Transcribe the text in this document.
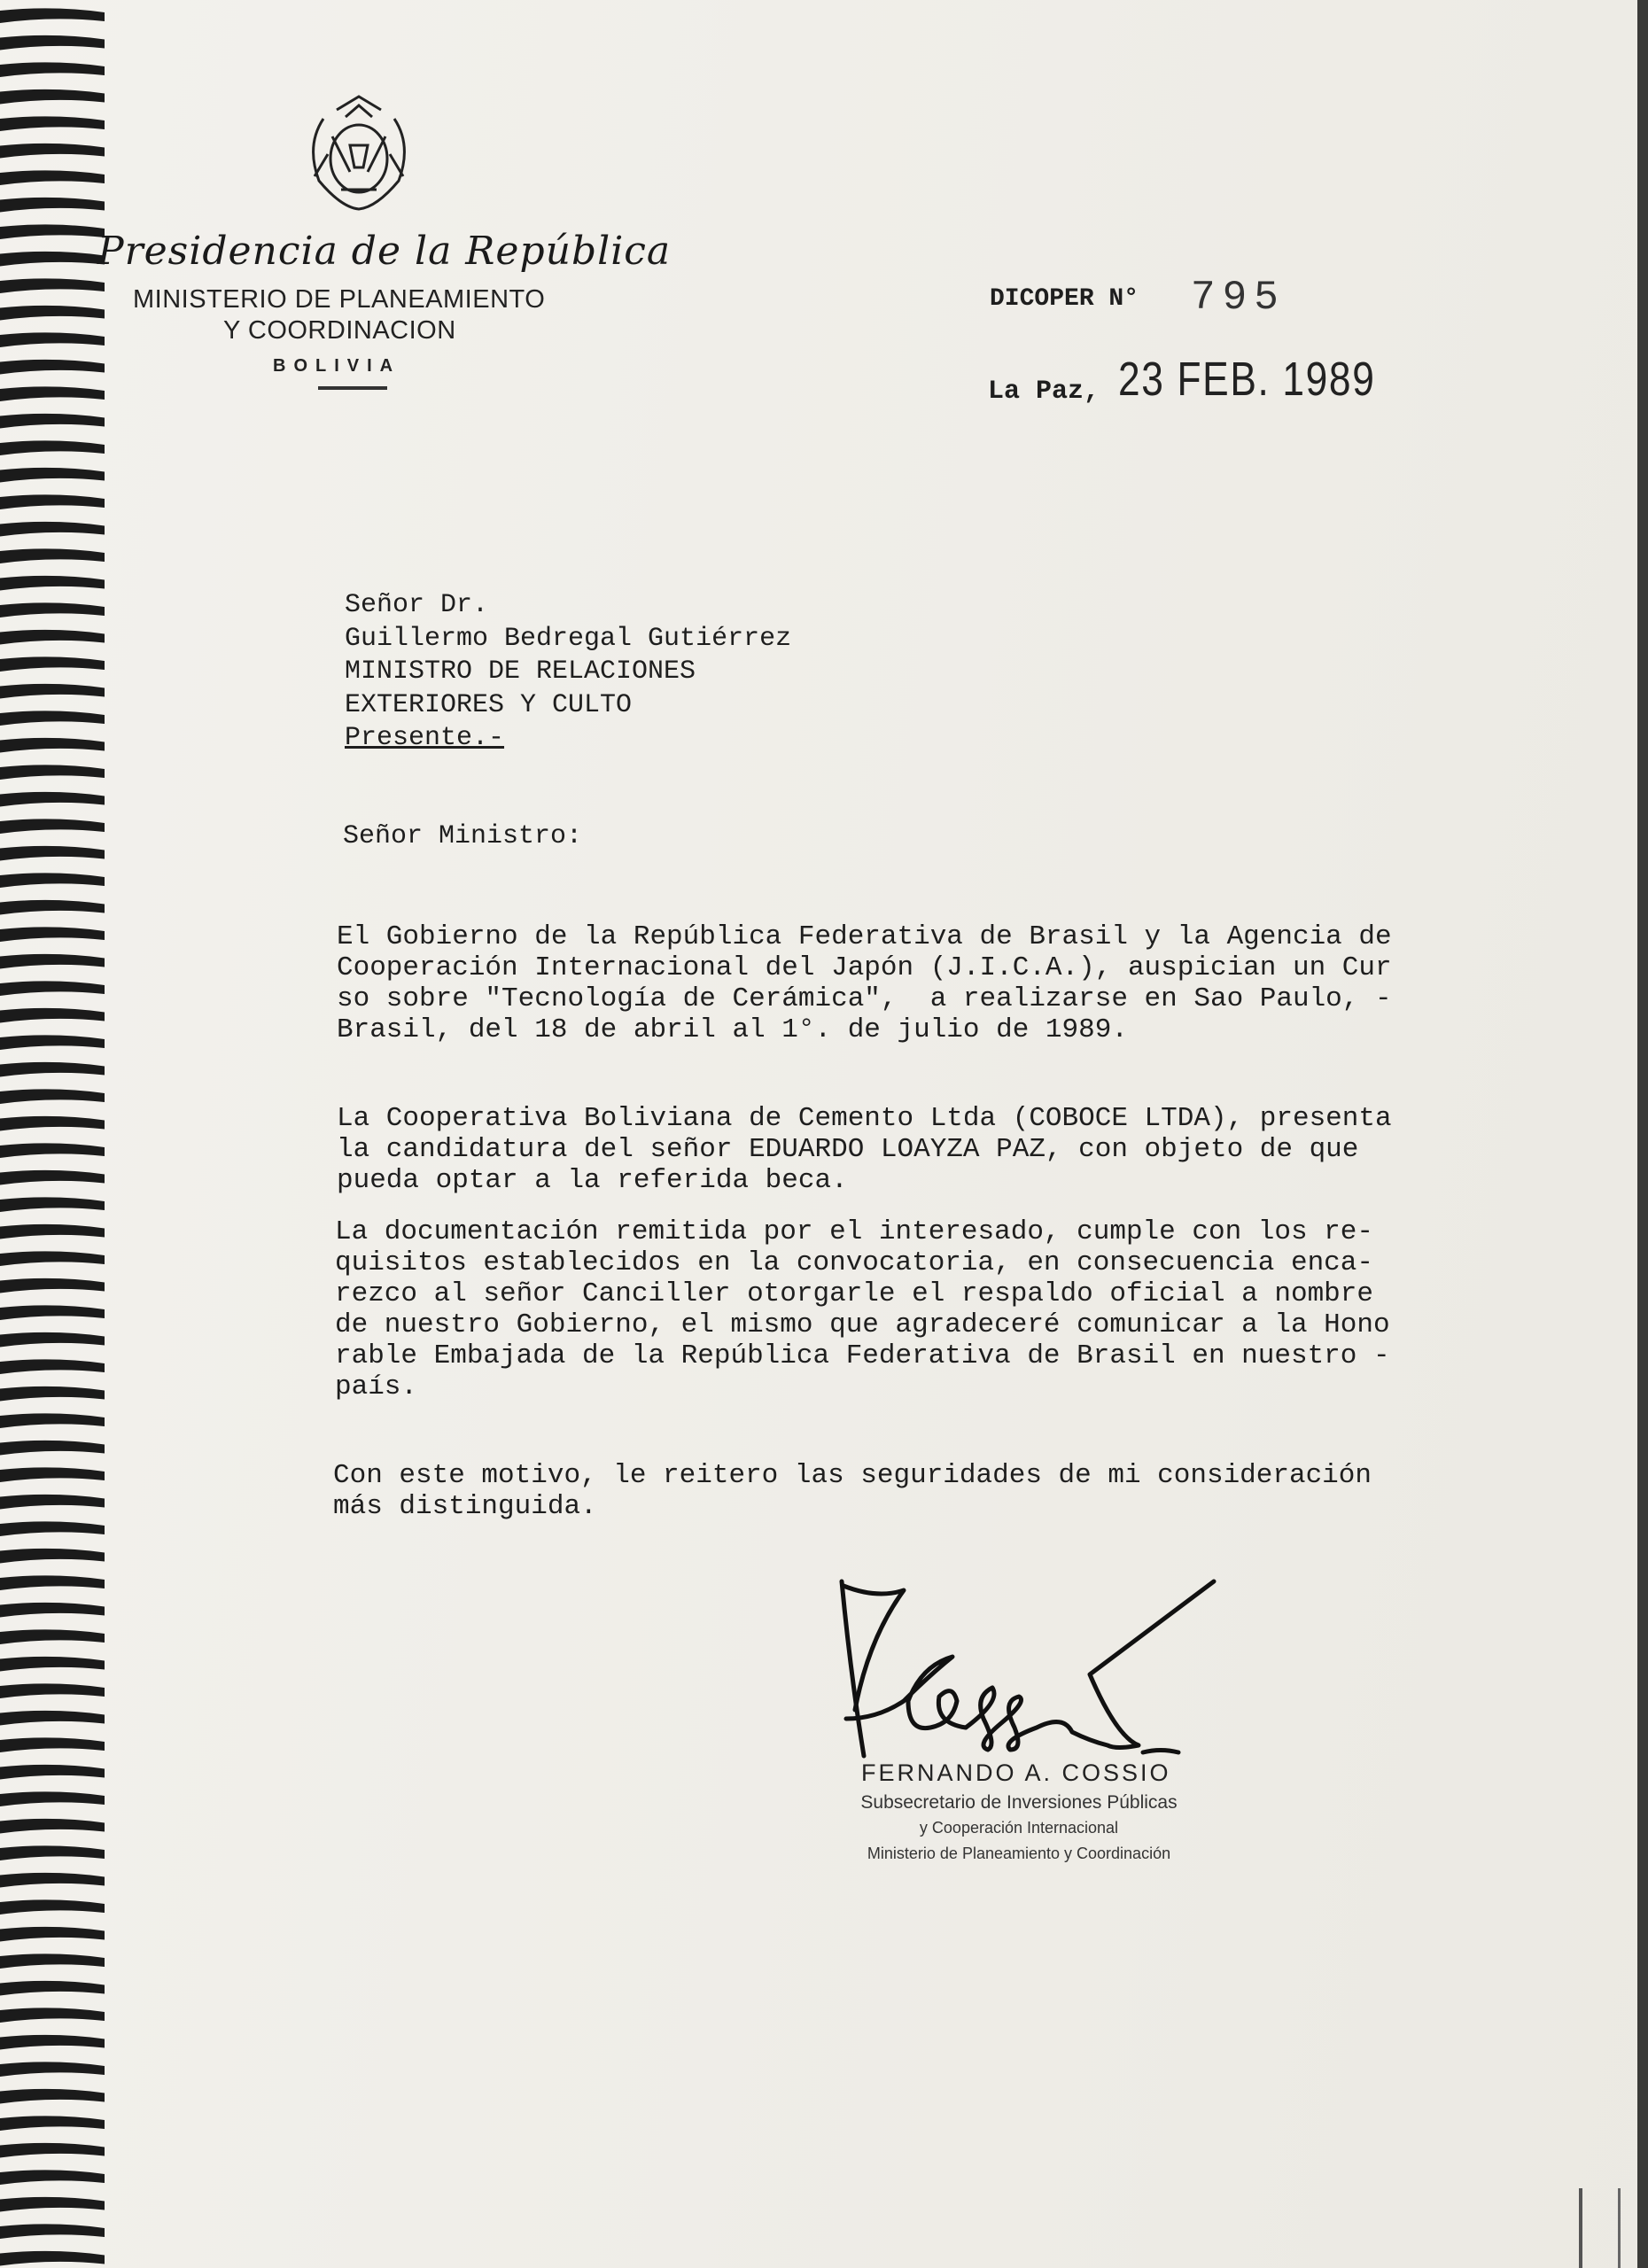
Presidencia de la República
MINISTERIO DE PLANEAMIENTO
Y COORDINACION
BOLIVIA
DICOPER N° 795
La Paz, 23 FEB. 1989
Señor Dr.
Guillermo Bedregal Gutiérrez
MINISTRO DE RELACIONES
EXTERIORES Y CULTO
Presente.-
Señor Ministro:
El Gobierno de la República Federativa de Brasil y la Agencia de
Cooperación Internacional del Japón (J.I.C.A.), auspician un Cur
so sobre "Tecnología de Cerámica",  a realizarse en Sao Paulo, -
Brasil, del 18 de abril al 1°. de julio de 1989.
La Cooperativa Boliviana de Cemento Ltda (COBOCE LTDA), presenta
la candidatura del señor EDUARDO LOAYZA PAZ, con objeto de que
pueda optar a la referida beca.
La documentación remitida por el interesado, cumple con los re-
quisitos establecidos en la convocatoria, en consecuencia enca-
rezco al señor Canciller otorgarle el respaldo oficial a nombre
de nuestro Gobierno, el mismo que agradeceré comunicar a la Hono
rable Embajada de la República Federativa de Brasil en nuestro -
país.
Con este motivo, le reitero las seguridades de mi consideración
más distinguida.
FERNANDO A. COSSIO
Subsecretario de Inversiones Públicas
y Cooperación Internacional
Ministerio de Planeamiento y Coordinación
